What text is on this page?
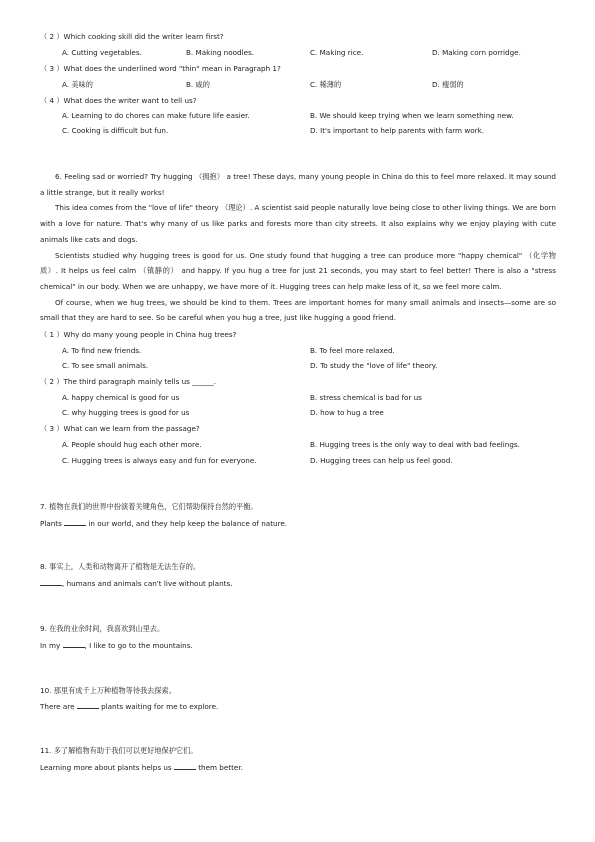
（ 2 ）Which cooking skill did the writer learn first?
A. Cutting vegetables.	B. Making noodles.	C. Making rice.	D. Making corn porridge.
（ 3 ）What does the underlined word "thin" mean in Paragraph 1?
A. 美味的	B. 咸的	C. 稀薄的	D. 瘦弱的
（ 4 ）What does the writer want to tell us?
A. Learning to do chores can make future life easier.	B. We should keep trying when we learn something new.
C. Cooking is difficult but fun.	D. It's important to help parents with farm work.

6. Feeling sad or worried? Try hugging （拥抱） a tree! These days, many young people in China do this to feel more relaxed. It may sound a little strange, but it really works!

This idea comes from the "love of life" theory （理论）. A scientist said people naturally love being close to other living things. We are born with a love for nature. That's why many of us like parks and forests more than city streets. It also explains why we enjoy playing with cute animals like cats and dogs.

Scientists studied why hugging trees is good for us. One study found that hugging a tree can produce more "happy chemical" （化学物质）. It helps us feel calm （镇静的） and happy. If you hug a tree for just 21 seconds, you may start to feel better! There is also a "stress chemical" in our body. When we are unhappy, we have more of it. Hugging trees can help make less of it, so we feel more calm.

Of course, when we hug trees, we should be kind to them. Trees are important homes for many small animals and insects—some are so small that they are hard to see. So be careful when you hug a tree, just like hugging a good friend.

（ 1 ）Why do many young people in China hug trees?
A. To find new friends.	B. To feel more relaxed.
C. To see small animals.	D. To study the "love of life" theory.
（ 2 ）The third paragraph mainly tells us ______.
A. happy chemical is good for us	B. stress chemical is bad for us
C. why hugging trees is good for us	D. how to hug a tree
（ 3 ）What can we learn from the passage?
A. People should hug each other more.	B. Hugging trees is the only way to deal with bad feelings.
C. Hugging trees is always easy and fun for everyone.	D. Hugging trees can help us feel good.
7. 植物在我们的世界中扮演着关键角色，它们帮助保持自然的平衡。
Plants	in our world, and they help keep the balance of nature.
8. 事实上，人类和动物离开了植物是无法生存的。
, humans and animals can't live without plants.
9. 在我的业余时间，我喜欢到山里去。
In my	, I like to go to the mountains.
10. 那里有成千上万种植物等待我去探索。
There are	plants waiting for me to explore.
11. 多了解植物有助于我们可以更好地保护它们。
Learning more about plants helps us	them better.
